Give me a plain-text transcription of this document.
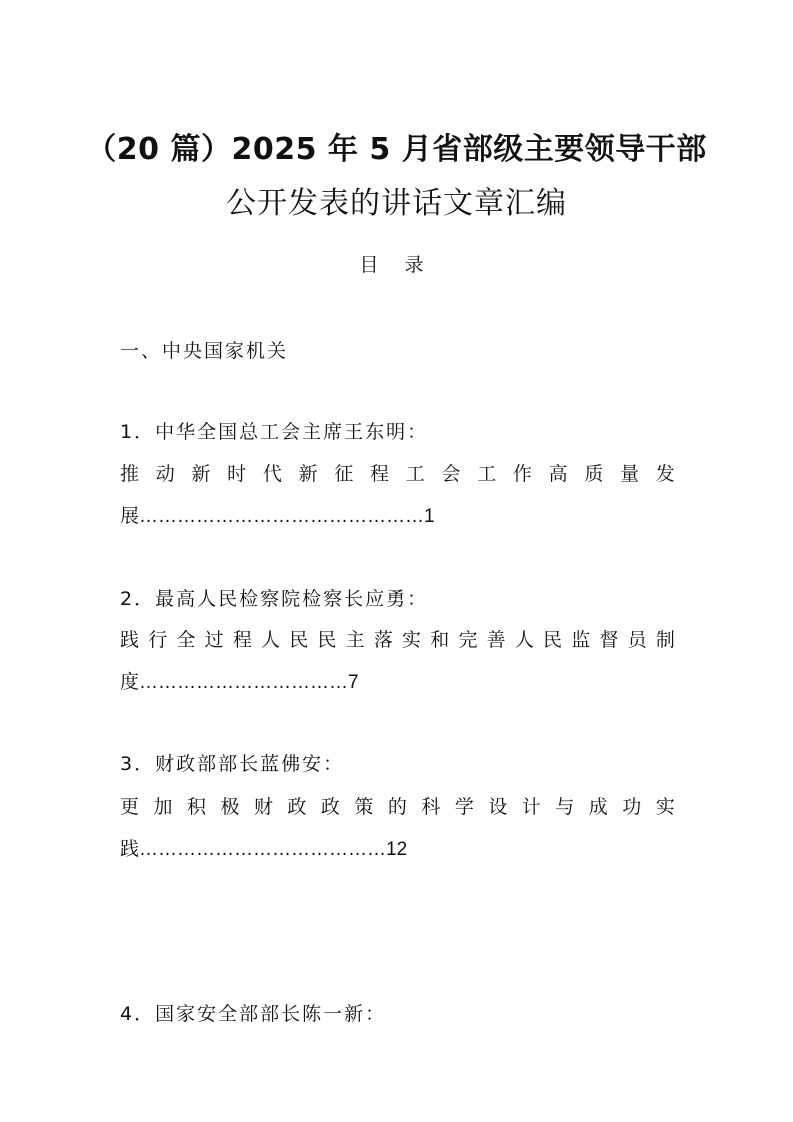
（20 篇）2025 年 5 月省部级主要领导干部
公开发表的讲话文章汇编
目 录
一、中央国家机关
1．中华全国总工会主席王东明：
推 动 新 时 代 新 征 程 工 会 工 作 高 质 量 发
展………………………………………1
2．最高人民检察院检察长应勇：
践 行 全 过 程 人 民 民 主 落 实 和 完 善 人 民 监 督 员 制
度……………………………7
3．财政部部长蓝佛安：
更 加 积 极 财 政 政 策 的 科 学 设 计 与 成 功 实
践…………………………………12
4．国家安全部部长陈一新：
